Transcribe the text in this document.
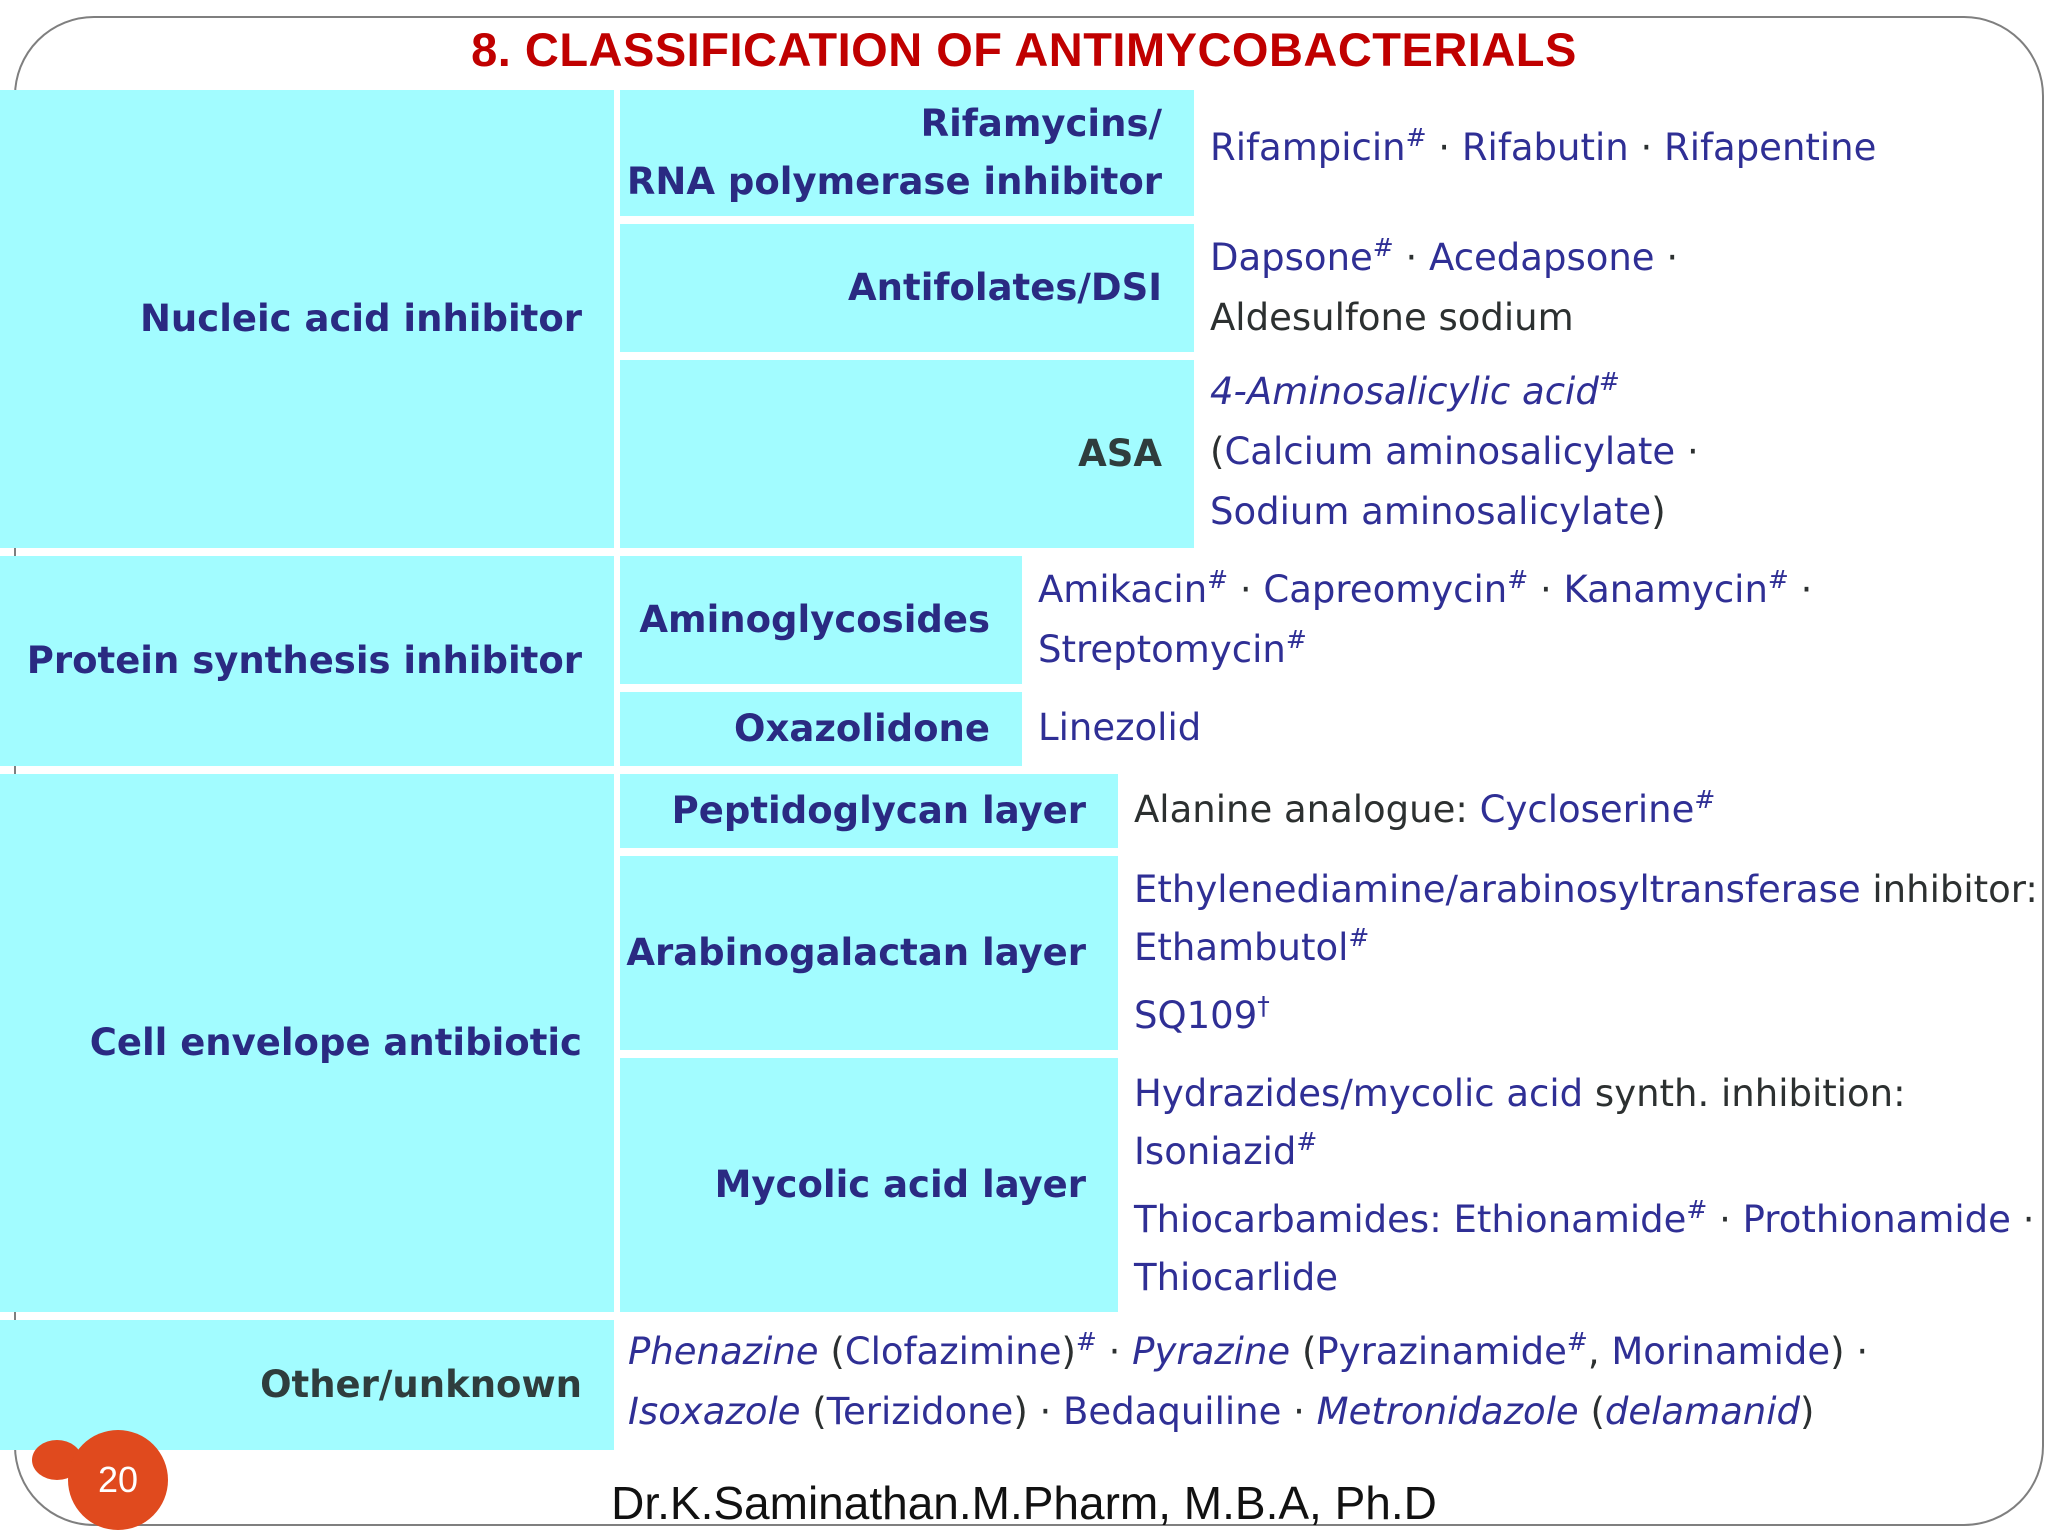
8. CLASSIFICATION OF ANTIMYCOBACTERIALS
Nucleic acid inhibitor
Protein synthesis inhibitor
Cell envelope antibiotic
Other/unknown
Rifamycins/
RNA polymerase inhibitor
Antifolates/DSI
ASA
Aminoglycosides
Oxazolidone
Peptidoglycan layer
Arabinogalactan layer
Mycolic acid layer
Rifampicin# · Rifabutin · Rifapentine
Dapsone# · Acedapsone ·
Aldesulfone sodium
4-Aminosalicylic acid#
(Calcium aminosalicylate ·
Sodium aminosalicylate)
Amikacin# · Capreomycin# · Kanamycin# ·
Streptomycin#
Linezolid
Alanine analogue: Cycloserine#
Ethylenediamine/arabinosyltransferase inhibitor:
Ethambutol#
SQ109†
Hydrazides/mycolic acid synth. inhibition:
Isoniazid#
Thiocarbamides: Ethionamide# · Prothionamide ·
Thiocarlide
Phenazine (Clofazimine)# · Pyrazine (Pyrazinamide#, Morinamide) ·
Isoxazole (Terizidone) · Bedaquiline · Metronidazole (delamanid)
20	Dr.K.Saminathan.M.Pharm, M.B.A, Ph.D
